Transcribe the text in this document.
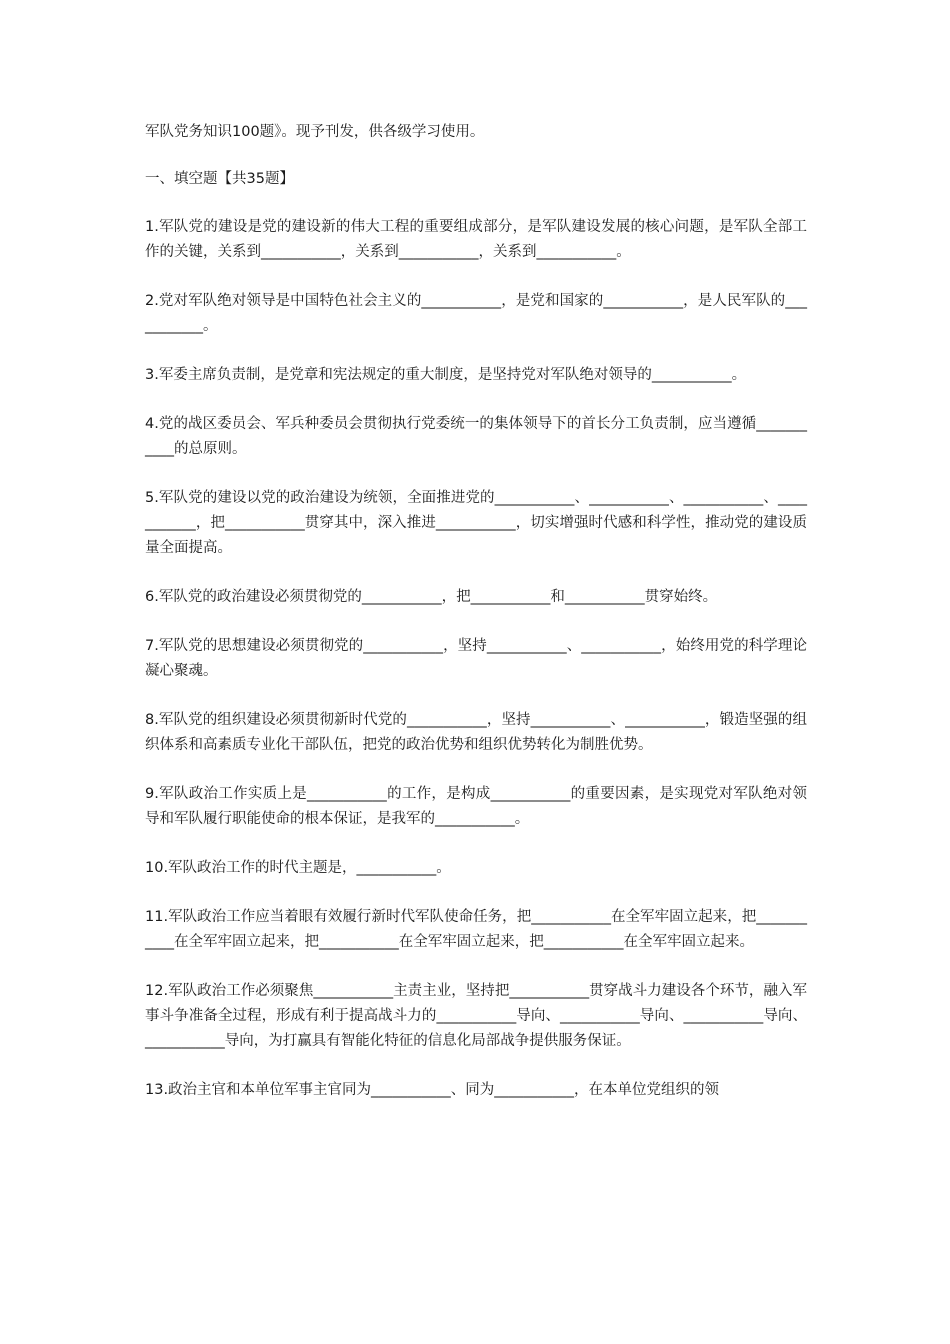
军队党务知识100题》。现予刊发，供各级学习使用。

一、填空题【共35题】

1.军队党的建设是党的建设新的伟大工程的重要组成部分，是军队建设发展的核心问题，是军队全部工作的关键，关系到___________，关系到___________，关系到___________。

2.党对军队绝对领导是中国特色社会主义的___________，是党和国家的___________，是人民军队的___________。

3.军委主席负责制，是党章和宪法规定的重大制度，是坚持党对军队绝对领导的___________。

4.党的战区委员会、军兵种委员会贯彻执行党委统一的集体领导下的首长分工负责制，应当遵循___________的总原则。

5.军队党的建设以党的政治建设为统领，全面推进党的___________、___________、___________、___________，把___________贯穿其中，深入推进___________，切实增强时代感和科学性，推动党的建设质量全面提高。

6.军队党的政治建设必须贯彻党的___________，把___________和___________贯穿始终。

7.军队党的思想建设必须贯彻党的___________，坚持___________、___________，始终用党的科学理论凝心聚魂。

8.军队党的组织建设必须贯彻新时代党的___________，坚持___________、___________，锻造坚强的组织体系和高素质专业化干部队伍，把党的政治优势和组织优势转化为制胜优势。

9.军队政治工作实质上是___________的工作，是构成___________的重要因素，是实现党对军队绝对领导和军队履行职能使命的根本保证，是我军的___________。

10.军队政治工作的时代主题是，___________。

11.军队政治工作应当着眼有效履行新时代军队使命任务，把___________在全军牢固立起来，把___________在全军牢固立起来，把___________在全军牢固立起来，把___________在全军牢固立起来。

12.军队政治工作必须聚焦___________主责主业，坚持把___________贯穿战斗力建设各个环节，融入军事斗争准备全过程，形成有利于提高战斗力的___________导向、___________导向、___________导向、___________导向，为打赢具有智能化特征的信息化局部战争提供服务保证。

13.政治主官和本单位军事主官同为___________、同为___________，在本单位党组织的领
